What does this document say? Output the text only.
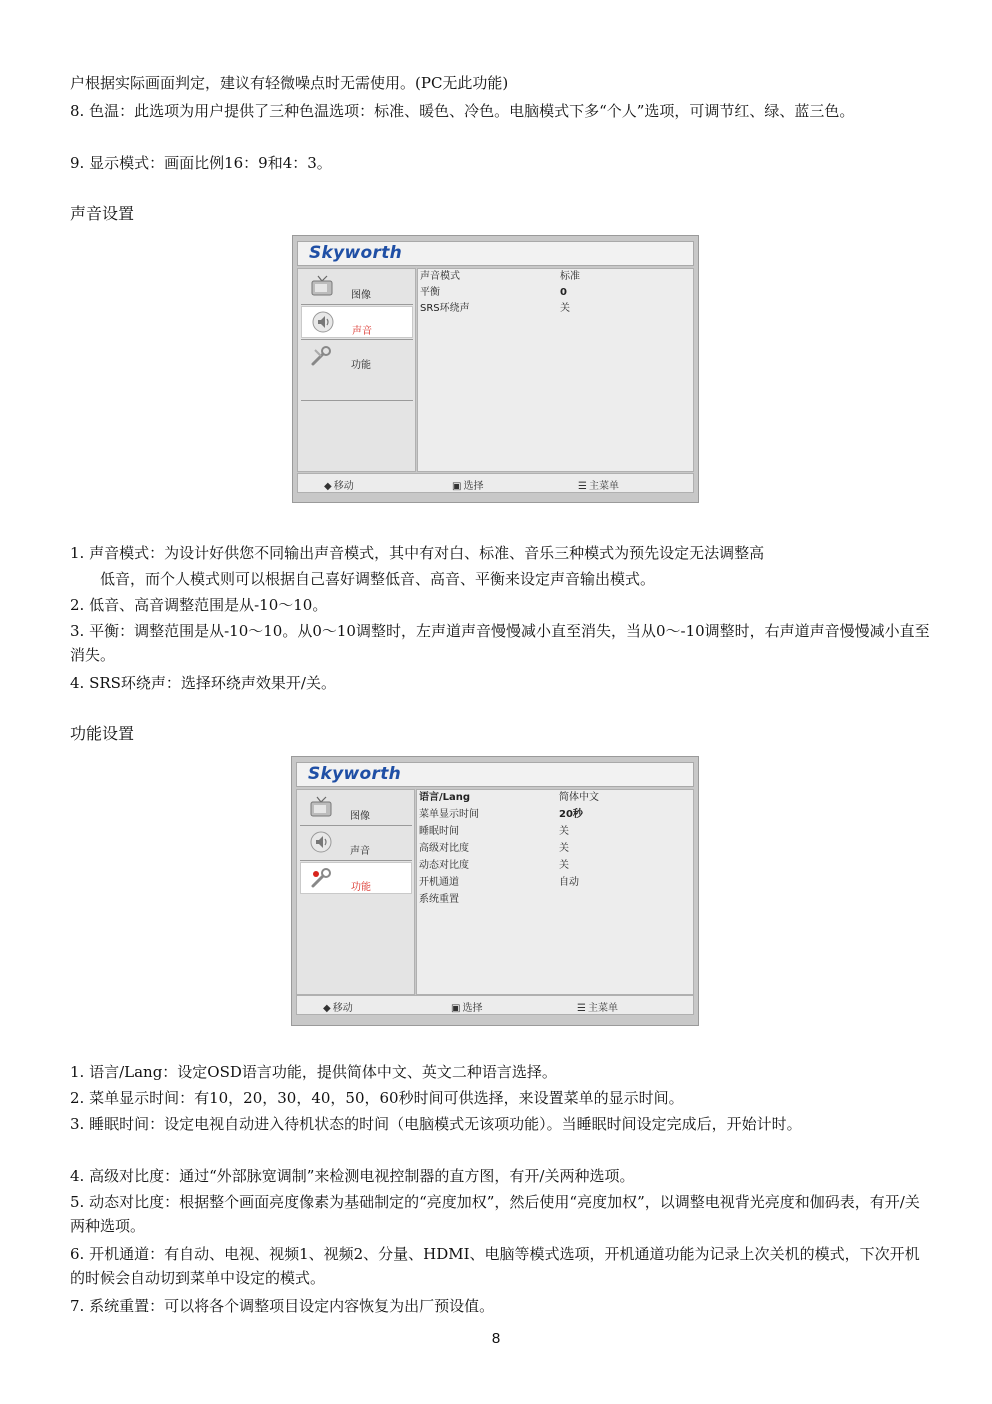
户根据实际画面判定，建议有轻微噪点时无需使用。(PC无此功能)
8. 色温：此选项为用户提供了三种色温选项：标准、暖色、冷色。电脑模式下多“个人”选项，可调节红、绿、蓝三色。
9. 显示模式：画面比例16：9和4：3。
声音设置
Skyworth
图像
声音
功能
声音模式	标准
平衡	0
SRS环绕声	关
◆ 移动	▣ 选择	☰ 主菜单
1. 声音模式：为设计好供您不同输出声音模式，其中有对白、标准、音乐三种模式为预先设定无法调整高
低音，而个人模式则可以根据自己喜好调整低音、高音、平衡来设定声音输出模式。
2. 低音、高音调整范围是从-10～10。
3. 平衡：调整范围是从-10～10。从0～10调整时，左声道声音慢慢减小直至消失，当从0～-10调整时，右声道声音慢慢减小直至消失。
4. SRS环绕声：选择环绕声效果开/关。
功能设置
Skyworth
图像
声音
功能
语言/Lang	简体中文
菜单显示时间	20秒
睡眠时间	关
高级对比度	关
动态对比度	关
开机通道	自动
系统重置
◆ 移动	▣ 选择	☰ 主菜单
1. 语言/Lang：设定OSD语言功能，提供简体中文、英文二种语言选择。
2. 菜单显示时间：有10，20，30，40，50，60秒时间可供选择，来设置菜单的显示时间。
3. 睡眠时间：设定电视自动进入待机状态的时间（电脑模式无该项功能）。当睡眠时间设定完成后，开始计时。
4. 高级对比度：通过“外部脉宽调制”来检测电视控制器的直方图，有开/关两种选项。
5. 动态对比度：根据整个画面亮度像素为基础制定的“亮度加权”，然后使用“亮度加权”，以调整电视背光亮度和伽码表，有开/关两种选项。
6. 开机通道：有自动、电视、视频1、视频2、分量、HDMI、电脑等模式选项，开机通道功能为记录上次关机的模式，下次开机的时候会自动切到菜单中设定的模式。
7. 系统重置：可以将各个调整项目设定内容恢复为出厂预设值。
8
